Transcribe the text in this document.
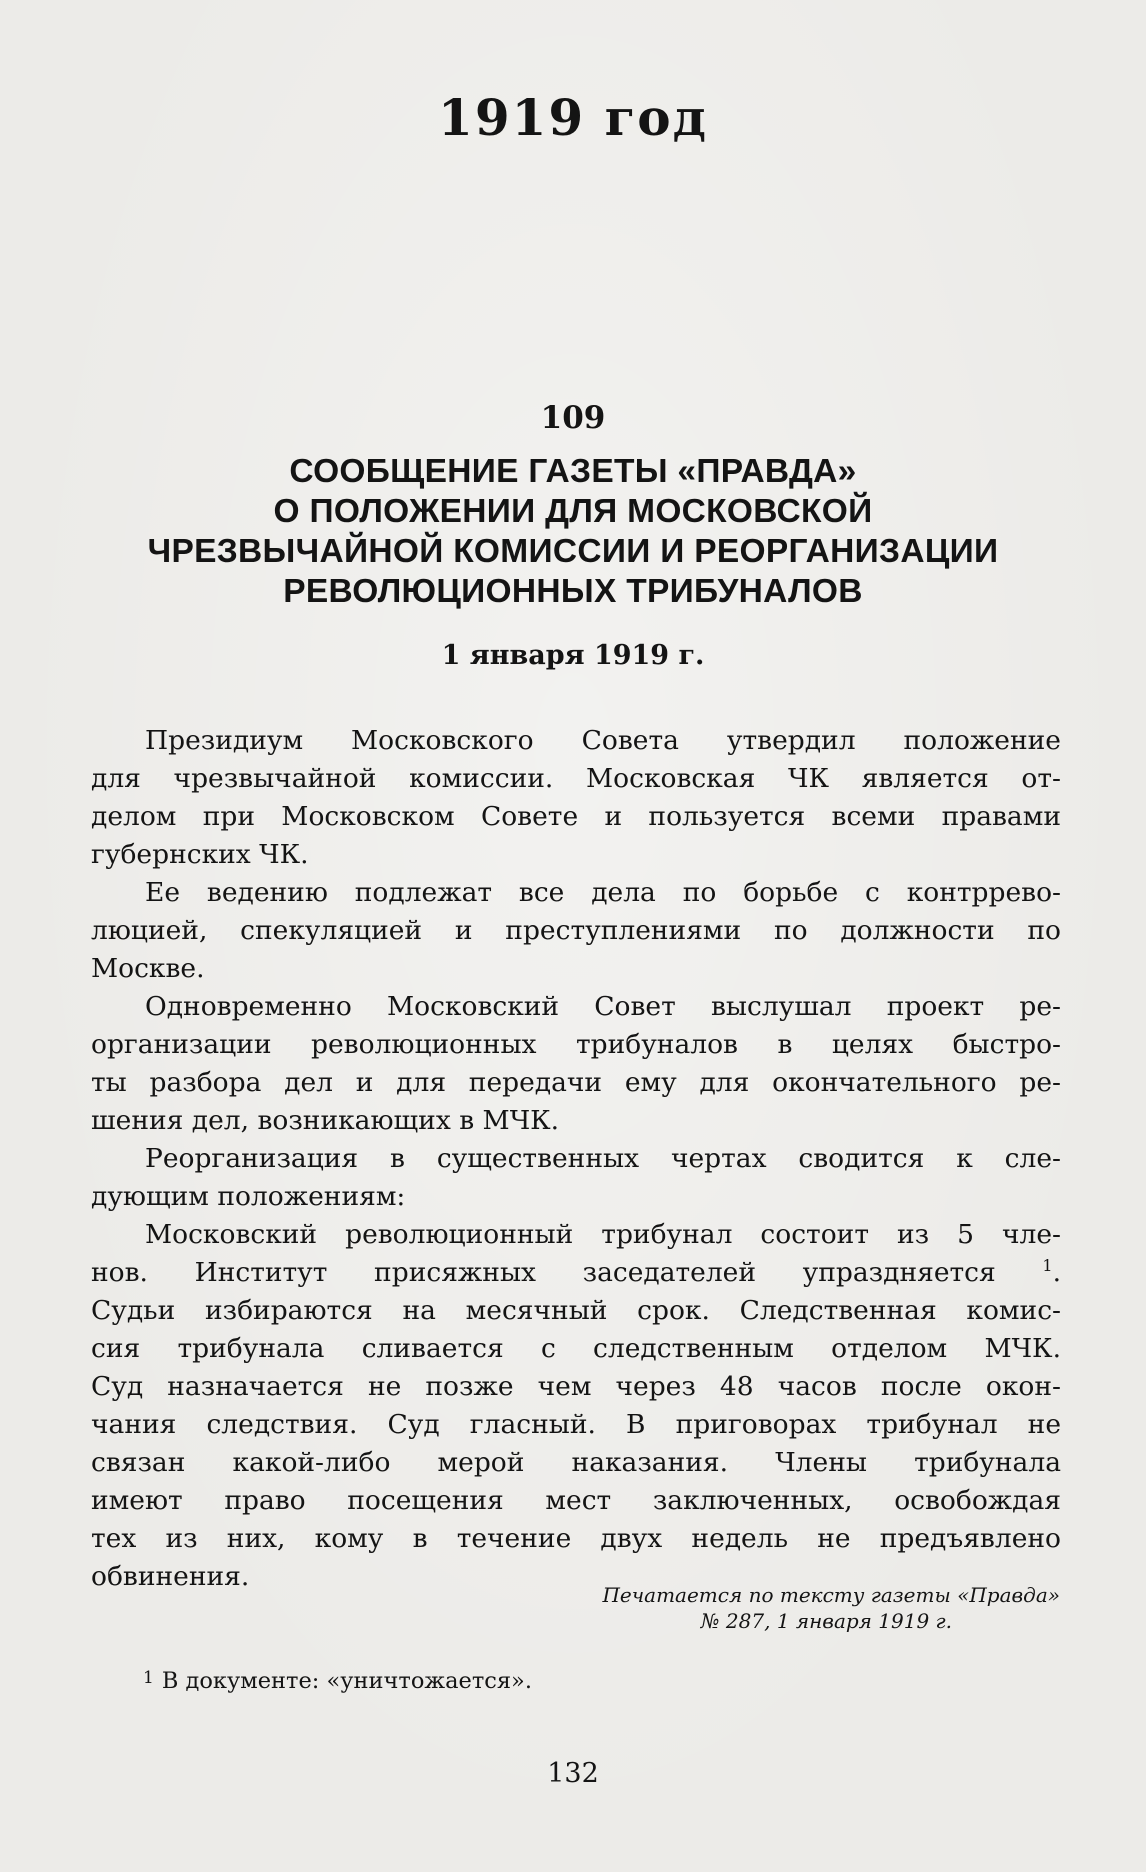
1919 год
109
СООБЩЕНИЕ ГАЗЕТЫ «ПРАВДА»
О ПОЛОЖЕНИИ ДЛЯ МОСКОВСКОЙ
ЧРЕЗВЫЧАЙНОЙ КОМИССИИ И РЕОРГАНИЗАЦИИ
РЕВОЛЮЦИОННЫХ ТРИБУНАЛОВ
1 января 1919 г.
Президиум Московского Совета утвердил положение
для чрезвычайной комиссии. Московская ЧК является от-
делом при Московском Совете и пользуется всеми правами
губернских ЧК.
Ее ведению подлежат все дела по борьбе с контррево-
люцией, спекуляцией и преступлениями по должности по
Москве.
Одновременно Московский Совет выслушал проект ре-
организации революционных трибуналов в целях быстро-
ты разбора дел и для передачи ему для окончательного ре-
шения дел, возникающих в МЧК.
Реорганизация в существенных чертах сводится к сле-
дующим положениям:
Московский революционный трибунал состоит из 5 чле-
нов. Институт присяжных заседателей упраздняется	$^1$.
Судьи избираются на месячный срок. Следственная комис-
сия трибунала сливается с следственным отделом МЧК.
Суд назначается не позже чем через 48 часов после окон-
чания следствия. Суд гласный. В приговорах трибунал не
связан какой-либо мерой наказания. Члены трибунала
имеют право посещения мест заключенных, освобождая
тех из них, кому в течение двух недель не предъявлено
обвинения.
Печатается по тексту газеты «Правда»
№ 287, 1 января 1919 г.
$^1$ В документе: «уничтожается».
132
